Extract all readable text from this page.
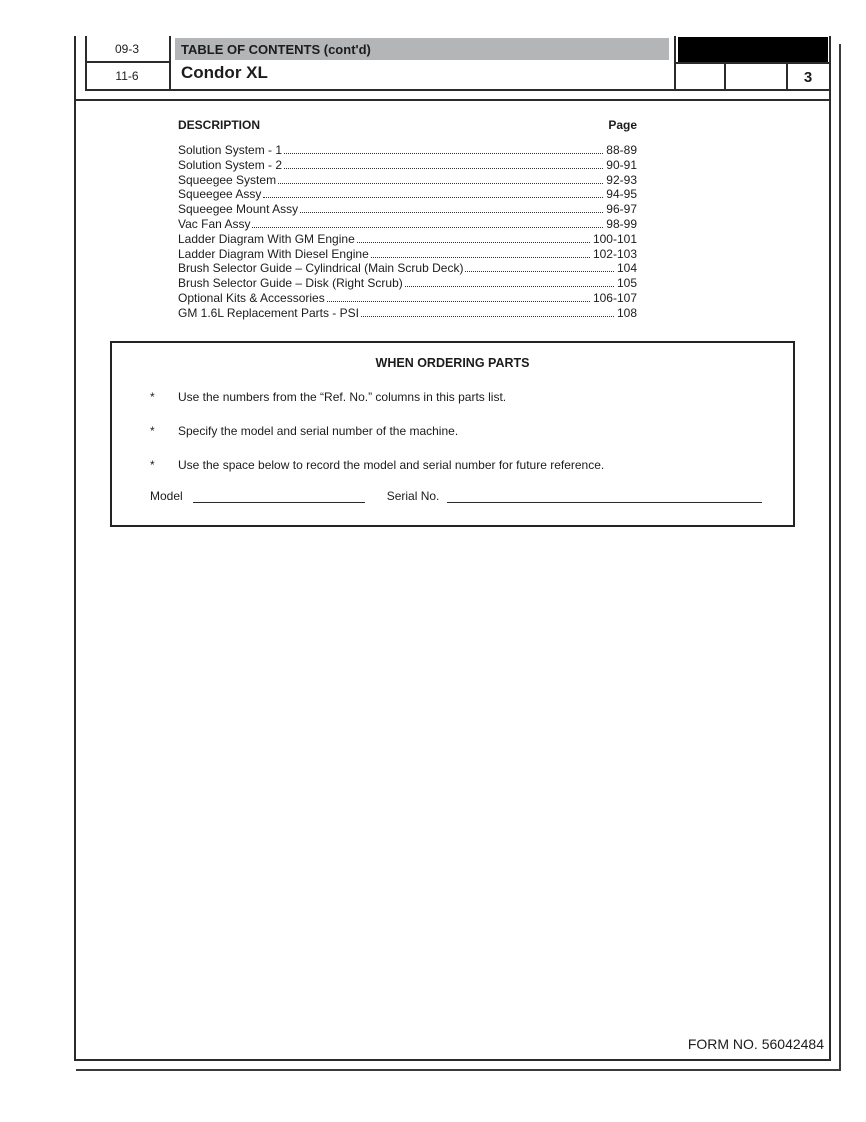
09-3
11-6
TABLE OF CONTENTS (cont'd)
Condor XL	3
DESCRIPTION	Page
Solution System - 1	88-89
Solution System - 2	90-91
Squeegee System	92-93
Squeegee Assy	94-95
Squeegee Mount Assy	96-97
Vac Fan Assy	98-99
Ladder Diagram With GM Engine	100-101
Ladder Diagram With Diesel Engine	102-103
Brush Selector Guide – Cylindrical (Main Scrub Deck)	104
Brush Selector Guide – Disk (Right Scrub)	105
Optional Kits & Accessories	106-107
GM 1.6L Replacement Parts - PSI	108
WHEN ORDERING PARTS
*	Use the numbers from the “Ref. No.” columns in this parts list.
*	Specify the model and serial number of the machine.
*	Use the space below to record the model and serial number for future reference.
Model	Serial No.
FORM NO. 56042484
